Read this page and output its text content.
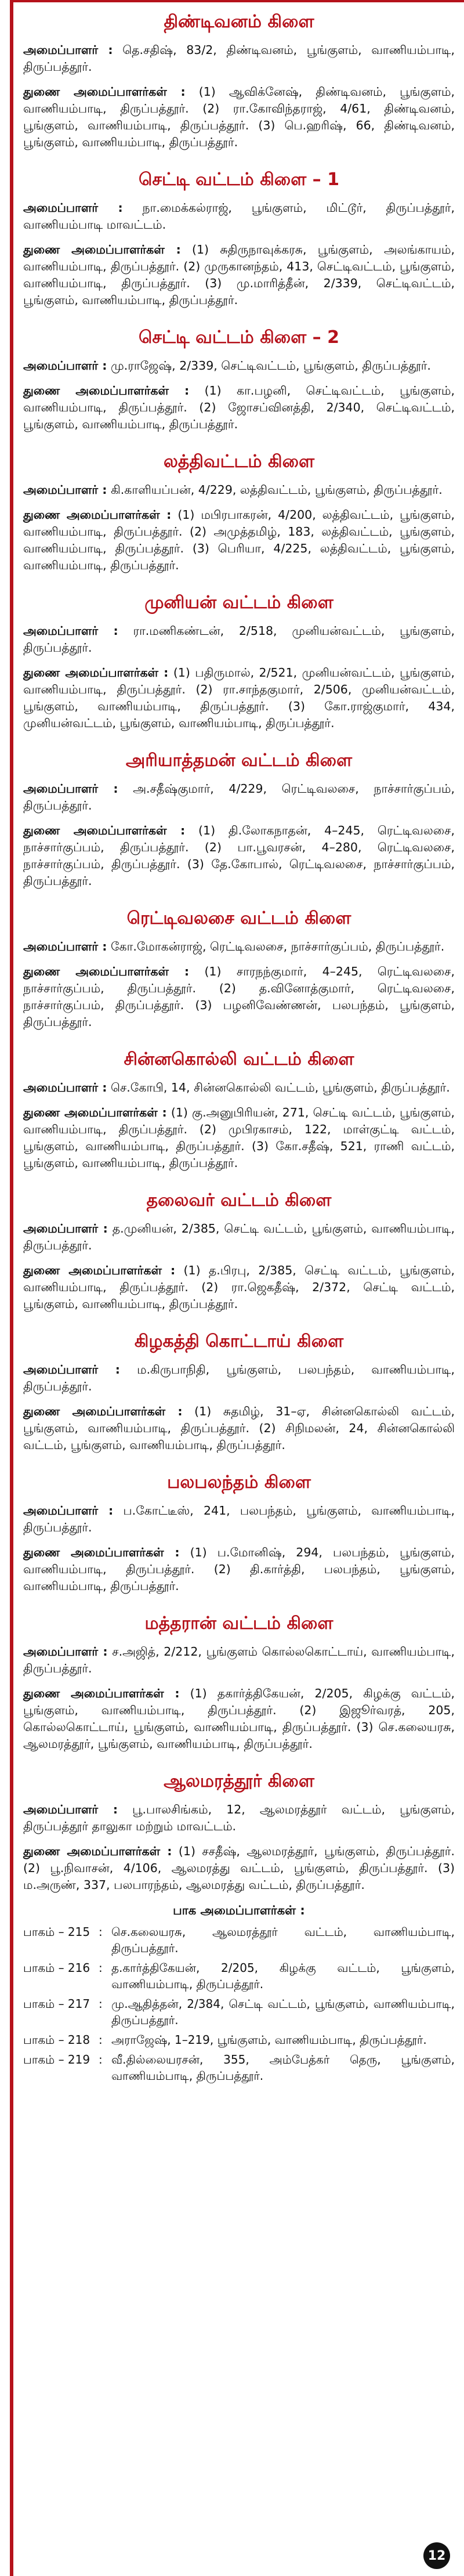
திண்டிவனம் கிளை

அமைப்பாளர் : தெ.சதிஷ், 83/2, திண்டிவனம், பூங்குளம், வாணியம்பாடி, திருப்பத்தூர்.

துணை அமைப்பாளர்கள் : (1) ஆவிக்னேஷ், திண்டிவனம், பூங்குளம், வாணியம்பாடி, திருப்பத்தூர். (2) ரா.கோவிந்தராஜ், 4/61, திண்டிவனம், பூங்குளம், வாணியம்பாடி, திருப்பத்தூர். (3) பெ.ஹரிஷ், 66, திண்டிவனம், பூங்குளம், வாணியம்பாடி, திருப்பத்தூர்.

செட்டி வட்டம் கிளை – 1

அமைப்பாளர் : நா.மைக்கல்ராஜ், பூங்குளம், மிட்டூர், திருப்பத்தூர், வாணியம்பாடி மாவட்டம்.

துணை அமைப்பாளர்கள் : (1) சுதிருநாவுக்கரசு, பூங்குளம், அலங்காயம், வாணியம்பாடி, திருப்பத்தூர். (2) முருகானந்தம், 413, செட்டிவட்டம், பூங்குளம், வாணியம்பாடி, திருப்பத்தூர். (3) மு.மாரித்தீன், 2/339, செட்டிவட்டம், பூங்குளம், வாணியம்பாடி, திருப்பத்தூர்.

செட்டி வட்டம் கிளை – 2

அமைப்பாளர் : மு.ராஜேஷ், 2/339, செட்டிவட்டம், பூங்குளம், திருப்பத்தூர்.

துணை அமைப்பாளர்கள் : (1) கா.பழனி, செட்டிவட்டம், பூங்குளம், வாணியம்பாடி, திருப்பத்தூர். (2) ஜோசப்வினத்தி, 2/340, செட்டிவட்டம், பூங்குளம், வாணியம்பாடி, திருப்பத்தூர்.

லத்திவட்டம் கிளை

அமைப்பாளர் : கி.காளியப்பன், 4/229, லத்திவட்டம், பூங்குளம், திருப்பத்தூர்.

துணை அமைப்பாளர்கள் : (1) மபிரபாகரன், 4/200, லத்திவட்டம், பூங்குளம், வாணியம்பாடி, திருப்பத்தூர். (2) அமுத்தமிழ், 183, லத்திவட்டம், பூங்குளம், வாணியம்பாடி, திருப்பத்தூர். (3) பெரியா, 4/225, லத்திவட்டம், பூங்குளம், வாணியம்பாடி, திருப்பத்தூர்.

முனியன் வட்டம் கிளை

அமைப்பாளர் : ரா.மணிகண்டன், 2/518, முனியன்வட்டம், பூங்குளம், திருப்பத்தூர்.

துணை அமைப்பாளர்கள் : (1) பதிருமால், 2/521, முனியன்வட்டம், பூங்குளம், வாணியம்பாடி, திருப்பத்தூர். (2) ரா.சாந்தகுமார், 2/506, முனியன்வட்டம், பூங்குளம், வாணியம்பாடி, திருப்பத்தூர். (3) கோ.ராஜ்குமார், 434, முனியன்வட்டம், பூங்குளம், வாணியம்பாடி, திருப்பத்தூர்.

அரியாத்தமன் வட்டம் கிளை

அமைப்பாளர் : அ.சதீஷ்குமார், 4/229, ரெட்டிவலசை, நாச்சார்குப்பம், திருப்பத்தூர்.

துணை அமைப்பாளர்கள் : (1) தி.லோகநாதன், 4–245, ரெட்டிவலசை, நாச்சார்குப்பம், திருப்பத்தூர். (2) பா.பூவரசன், 4–280, ரெட்டிவலசை, நாச்சார்குப்பம், திருப்பத்தூர். (3) தே.கோபால், ரெட்டிவலசை, நாச்சார்குப்பம், திருப்பத்தூர்.

ரெட்டிவலசை வட்டம் கிளை

அமைப்பாளர் : கோ.மோகன்ராஜ், ரெட்டிவலசை, நாச்சார்குப்பம், திருப்பத்தூர்.

துணை அமைப்பாளர்கள் : (1) சாரநந்குமார், 4–245, ரெட்டிவலசை, நாச்சார்குப்பம், திருப்பத்தூர். (2) த.வினோத்குமார், ரெட்டிவலசை, நாச்சார்குப்பம், திருப்பத்தூர். (3) பழனிவேண்ணன், பலபந்தம், பூங்குளம், திருப்பத்தூர்.

சின்னகொல்லி வட்டம் கிளை

அமைப்பாளர் : செ.கோபி, 14, சின்னகொல்லி வட்டம், பூங்குளம், திருப்பத்தூர்.

துணை அமைப்பாளர்கள் : (1) கு.அனுபிரியன், 271, செட்டி வட்டம், பூங்குளம், வாணியம்பாடி, திருப்பத்தூர். (2) முபிரகாசம், 122, மாள்குட்டி வட்டம், பூங்குளம், வாணியம்பாடி, திருப்பத்தூர். (3) கோ.சதீஷ், 521, ராணி வட்டம், பூங்குளம், வாணியம்பாடி, திருப்பத்தூர்.

தலைவர் வட்டம் கிளை

அமைப்பாளர் : த.முனியன், 2/385, செட்டி வட்டம், பூங்குளம், வாணியம்பாடி, திருப்பத்தூர்.

துணை அமைப்பாளர்கள் : (1) த.பிரபு, 2/385, செட்டி வட்டம், பூங்குளம், வாணியம்பாடி, திருப்பத்தூர். (2) ரா.ஜெகதீஷ், 2/372, செட்டி வட்டம், பூங்குளம், வாணியம்பாடி, திருப்பத்தூர்.

கிழகத்தி கொட்டாய் கிளை

அமைப்பாளர் : ம.கிருபாநிதி, பூங்குளம், பலபந்தம், வாணியம்பாடி, திருப்பத்தூர்.

துணை அமைப்பாளர்கள் : (1) சுதமிழ், 31–ஏ, சின்னகொல்லி வட்டம், பூங்குளம், வாணியம்பாடி, திருப்பத்தூர். (2) சிநிமலன், 24, சின்னகொல்லி வட்டம், பூங்குளம், வாணியம்பாடி, திருப்பத்தூர்.

பலபலந்தம் கிளை

அமைப்பாளர் : ப.கோட்டீஸ், 241, பலபந்தம், பூங்குளம், வாணியம்பாடி, திருப்பத்தூர்.

துணை அமைப்பாளர்கள் : (1) ப.மோனிஷ், 294, பலபந்தம், பூங்குளம், வாணியம்பாடி, திருப்பத்தூர். (2) தி.கார்த்தி, பலபந்தம், பூங்குளம், வாணியம்பாடி, திருப்பத்தூர்.

மத்தரான் வட்டம் கிளை

அமைப்பாளர் : ச.அஜித், 2/212, பூங்குளம் கொல்லகொட்டாய், வாணியம்பாடி, திருப்பத்தூர்.

துணை அமைப்பாளர்கள் : (1) தகார்த்திகேயன், 2/205, கிழக்கு வட்டம், பூங்குளம், வாணியம்பாடி, திருப்பத்தூர். (2) இஜூர்வரத், 205, கொல்லகொட்டாய், பூங்குளம், வாணியம்பாடி, திருப்பத்தூர். (3) செ.கலையரசு, ஆலமரத்தூர், பூங்குளம், வாணியம்பாடி, திருப்பத்தூர்.

ஆலமரத்தூர் கிளை

அமைப்பாளர் : பூ.பாலசிங்கம், 12, ஆலமரத்தூர் வட்டம், பூங்குளம், திருப்பத்தூர் தாலுகா மற்றும் மாவட்டம்.

துணை அமைப்பாளர்கள் : (1) சசதீஷ், ஆலமரத்தூர், பூங்குளம், திருப்பத்தூர். (2) பூ.நிவாசன், 4/106, ஆலமரத்து வட்டம், பூங்குளம், திருப்பத்தூர். (3) ம.அருண், 337, பலபாரந்தம், ஆலமரத்து வட்டம், திருப்பத்தூர்.

பாக அமைப்பாளர்கள் :
பாகம் – 215 : செ.கலையரசு, ஆலமரத்தூர் வட்டம், வாணியம்பாடி, திருப்பத்தூர்.
பாகம் – 216 : த.கார்த்திகேயன், 2/205, கிழக்கு வட்டம், பூங்குளம், வாணியம்பாடி, திருப்பத்தூர்.
பாகம் – 217 : மு.ஆதித்தன், 2/384, செட்டி வட்டம், பூங்குளம், வாணியம்பாடி, திருப்பத்தூர்.
பாகம் – 218 : அராஜேஷ், 1–219, பூங்குளம், வாணியம்பாடி, திருப்பத்தூர்.
பாகம் – 219 : வீ.தில்லையரசன், 355, அம்பேத்கர் தெரு, பூங்குளம், வாணியம்பாடி, திருப்பத்தூர்.
12
